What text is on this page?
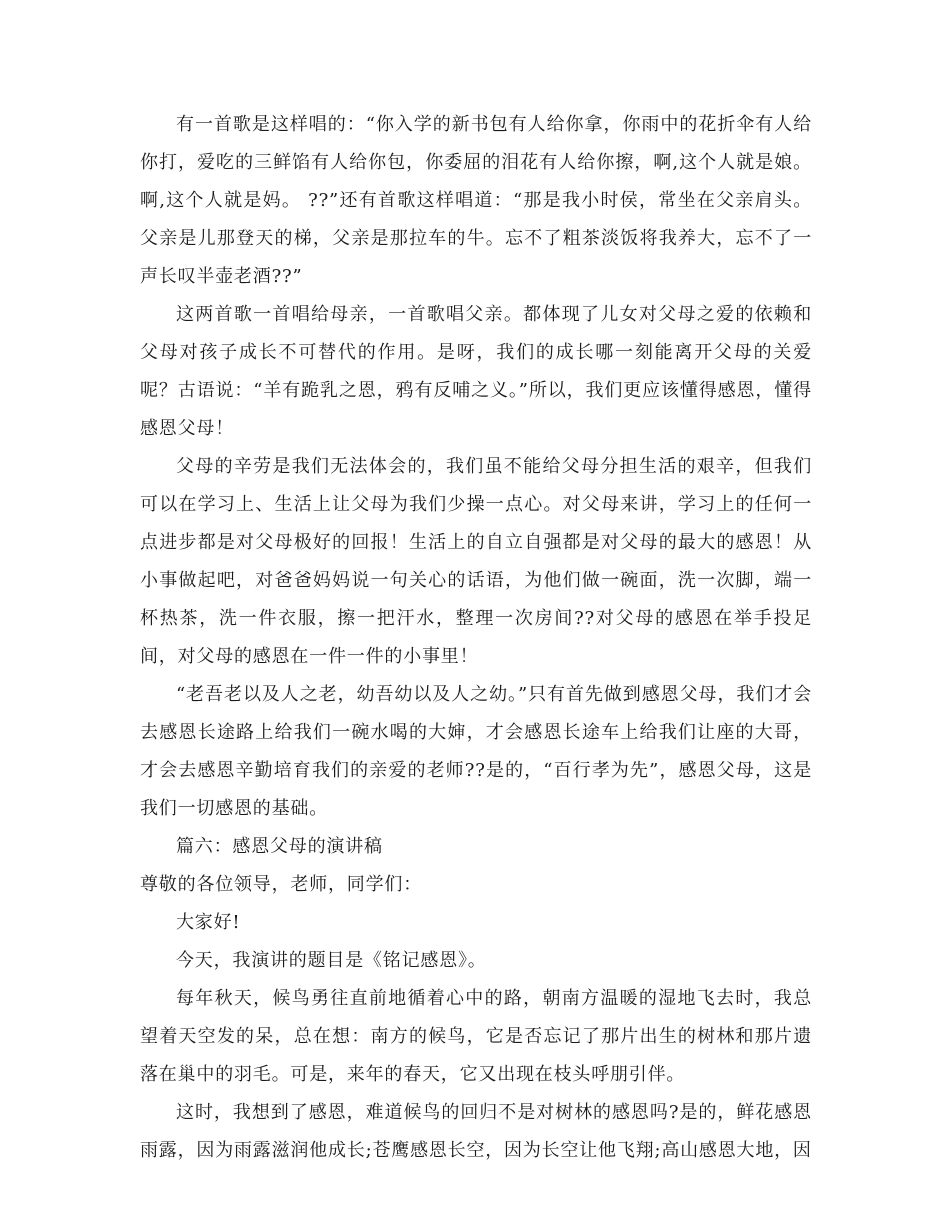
有一首歌是这样唱的：“你入学的新书包有人给你拿，你雨中的花折伞有人给你打，爱吃的三鲜馅有人给你包，你委屈的泪花有人给你擦，啊,这个人就是娘。啊,这个人就是妈。 ??”还有首歌这样唱道：“那是我小时侯，常坐在父亲肩头。父亲是儿那登天的梯，父亲是那拉车的牛。忘不了粗茶淡饭将我养大，忘不了一声长叹半壶老酒??”

这两首歌一首唱给母亲，一首歌唱父亲。都体现了儿女对父母之爱的依赖和父母对孩子成长不可替代的作用。是呀，我们的成长哪一刻能离开父母的关爱呢？古语说：“羊有跪乳之恩，鸦有反哺之义。”所以，我们更应该懂得感恩，懂得感恩父母！

父母的辛劳是我们无法体会的，我们虽不能给父母分担生活的艰辛，但我们可以在学习上、生活上让父母为我们少操一点心。对父母来讲，学习上的任何一点进步都是对父母极好的回报！生活上的自立自强都是对父母的最大的感恩！从小事做起吧，对爸爸妈妈说一句关心的话语，为他们做一碗面，洗一次脚，端一杯热茶，洗一件衣服，擦一把汗水，整理一次房间??对父母的感恩在举手投足间，对父母的感恩在一件一件的小事里！

“老吾老以及人之老，幼吾幼以及人之幼。”只有首先做到感恩父母，我们才会去感恩长途路上给我们一碗水喝的大婶，才会感恩长途车上给我们让座的大哥，才会去感恩辛勤培育我们的亲爱的老师??是的，“百行孝为先”，感恩父母，这是我们一切感恩的基础。

篇六：感恩父母的演讲稿

尊敬的各位领导，老师，同学们：

大家好!

今天，我演讲的题目是《铭记感恩》。

每年秋天，候鸟勇往直前地循着心中的路，朝南方温暖的湿地飞去时，我总望着天空发的呆，总在想：南方的候鸟，它是否忘记了那片出生的树林和那片遗落在巢中的羽毛。可是，来年的春天，它又出现在枝头呼朋引伴。

这时，我想到了感恩，难道候鸟的回归不是对树林的感恩吗?是的，鲜花感恩雨露，因为雨露滋润他成长;苍鹰感恩长空，因为长空让他飞翔;高山感恩大地，因
